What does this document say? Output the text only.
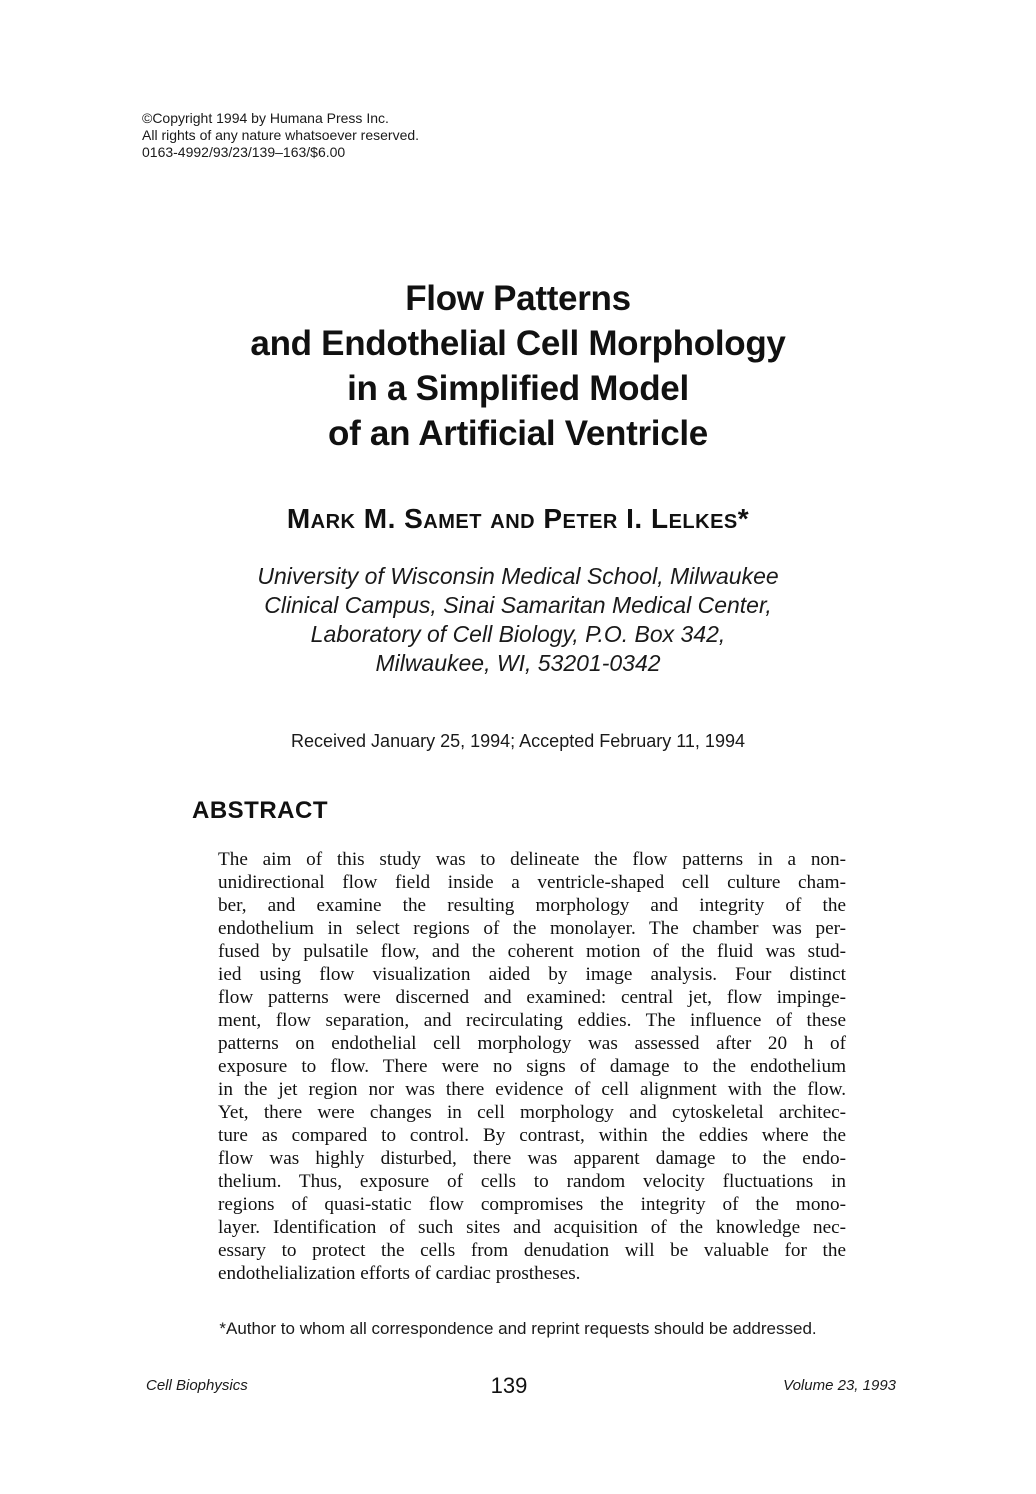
©Copyright 1994 by Humana Press Inc.
All rights of any nature whatsoever reserved.
0163-4992/93/23/139–163/$6.00
Flow Patterns
and Endothelial Cell Morphology
in a Simplified Model
of an Artificial Ventricle
Mark M. Samet and Peter I. Lelkes*
University of Wisconsin Medical School, Milwaukee
Clinical Campus, Sinai Samaritan Medical Center,
Laboratory of Cell Biology, P.O. Box 342,
Milwaukee, WI, 53201-0342
Received January 25, 1994; Accepted February 11, 1994
ABSTRACT
The aim of this study was to delineate the flow patterns in a non-
unidirectional flow field inside a ventricle-shaped cell culture cham-
ber, and examine the resulting morphology and integrity of the
endothelium in select regions of the monolayer. The chamber was per-
fused by pulsatile flow, and the coherent motion of the fluid was stud-
ied using flow visualization aided by image analysis. Four distinct
flow patterns were discerned and examined: central jet, flow impinge-
ment, flow separation, and recirculating eddies. The influence of these
patterns on endothelial cell morphology was assessed after 20 h of
exposure to flow. There were no signs of damage to the endothelium
in the jet region nor was there evidence of cell alignment with the flow.
Yet, there were changes in cell morphology and cytoskeletal architec-
ture as compared to control. By contrast, within the eddies where the
flow was highly disturbed, there was apparent damage to the endo-
thelium. Thus, exposure of cells to random velocity fluctuations in
regions of quasi-static flow compromises the integrity of the mono-
layer. Identification of such sites and acquisition of the knowledge nec-
essary to protect the cells from denudation will be valuable for the
endothelialization efforts of cardiac prostheses.
*Author to whom all correspondence and reprint requests should be addressed.
Cell Biophysics	139	Volume 23, 1993
